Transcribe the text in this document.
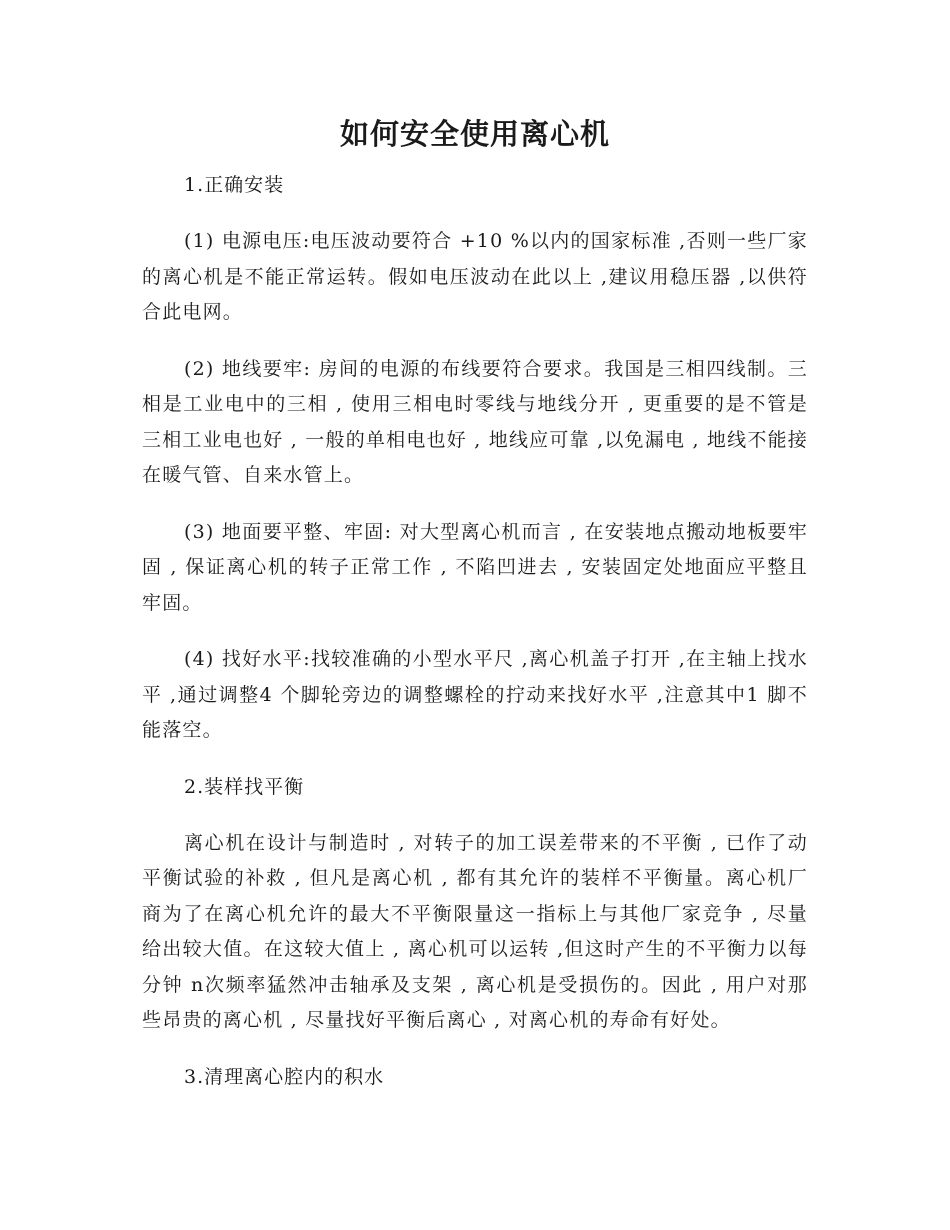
如何安全使用离心机

1.正确安装

(1) 电源电压:电压波动要符合 +10 %以内的国家标准 ,否则一些厂家的离心机是不能正常运转。假如电压波动在此以上 ,建议用稳压器 ,以供符合此电网。

(2) 地线要牢: 房间的电源的布线要符合要求。我国是三相四线制。三相是工业电中的三相 , 使用三相电时零线与地线分开 , 更重要的是不管是三相工业电也好 , 一般的单相电也好 , 地线应可靠 ,以免漏电 , 地线不能接在暖气管、自来水管上。

(3) 地面要平整、牢固: 对大型离心机而言 , 在安装地点搬动地板要牢固 , 保证离心机的转子正常工作 , 不陷凹进去 , 安装固定处地面应平整且牢固。

(4) 找好水平:找较准确的小型水平尺 ,离心机盖子打开 ,在主轴上找水平 ,通过调整4 个脚轮旁边的调整螺栓的拧动来找好水平 ,注意其中1 脚不能落空。

2.装样找平衡

离心机在设计与制造时 , 对转子的加工误差带来的不平衡 , 已作了动平衡试验的补救 , 但凡是离心机 , 都有其允许的装样不平衡量。离心机厂商为了在离心机允许的最大不平衡限量这一指标上与其他厂家竞争 , 尽量给出较大值。在这较大值上 , 离心机可以运转 ,但这时产生的不平衡力以每分钟 n次频率猛然冲击轴承及支架 , 离心机是受损伤的。因此 , 用户对那些昂贵的离心机 , 尽量找好平衡后离心 , 对离心机的寿命有好处。

3.清理离心腔内的积水
